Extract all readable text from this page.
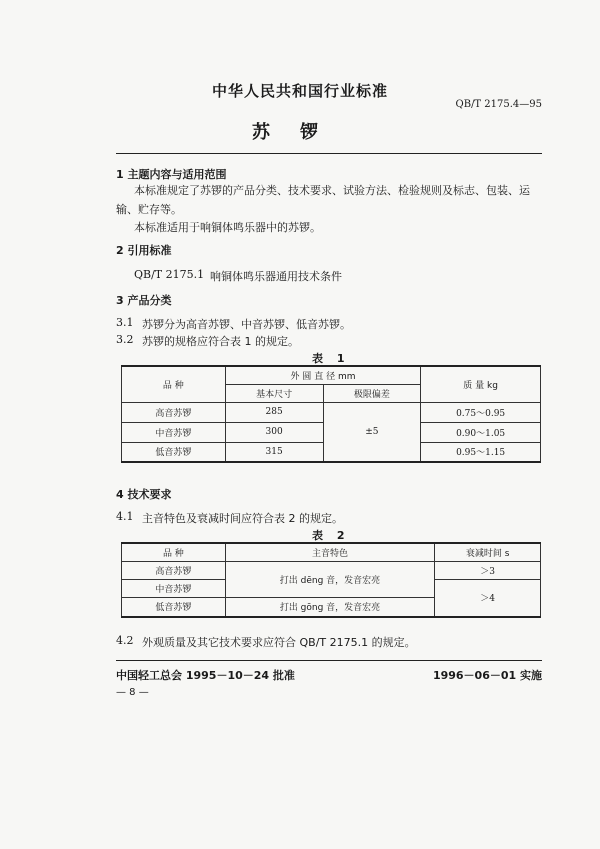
中华人民共和国行业标准
QB/T 2175.4—95
苏锣
1 主题内容与适用范围
本标准规定了苏锣的产品分类、技术要求、试验方法、检验规则及标志、包装、运输、贮存等。
本标准适用于响铜体鸣乐器中的苏锣。
2 引用标准
QB/T 2175.1 响铜体鸣乐器通用技术条件
3 产品分类
3.1 苏锣分为高音苏锣、中音苏锣、低音苏锣。
3.2 苏锣的规格应符合表 1 的规定。
表 1
品 种	外 圆 直 径 mm		质 量 kg
	基本尺寸	极限偏差	
高音苏锣	285	±5	0.75～0.95
中音苏锣	300		0.90～1.05
低音苏锣	315		0.95～1.15
4 技术要求
4.1 主音特色及衰减时间应符合表 2 的规定。
表 2
品 种	主音特色	衰减时间 s
高音苏锣	打出 dēng 音，发音宏亮	＞3
中音苏锣		＞4
低音苏锣	打出 gōng 音，发音宏亮	
4.2 外观质量及其它技术要求应符合 QB/T 2175.1 的规定。
中国轻工总会 1995－10－24 批准	1996－06－01 实施
— 8 —
